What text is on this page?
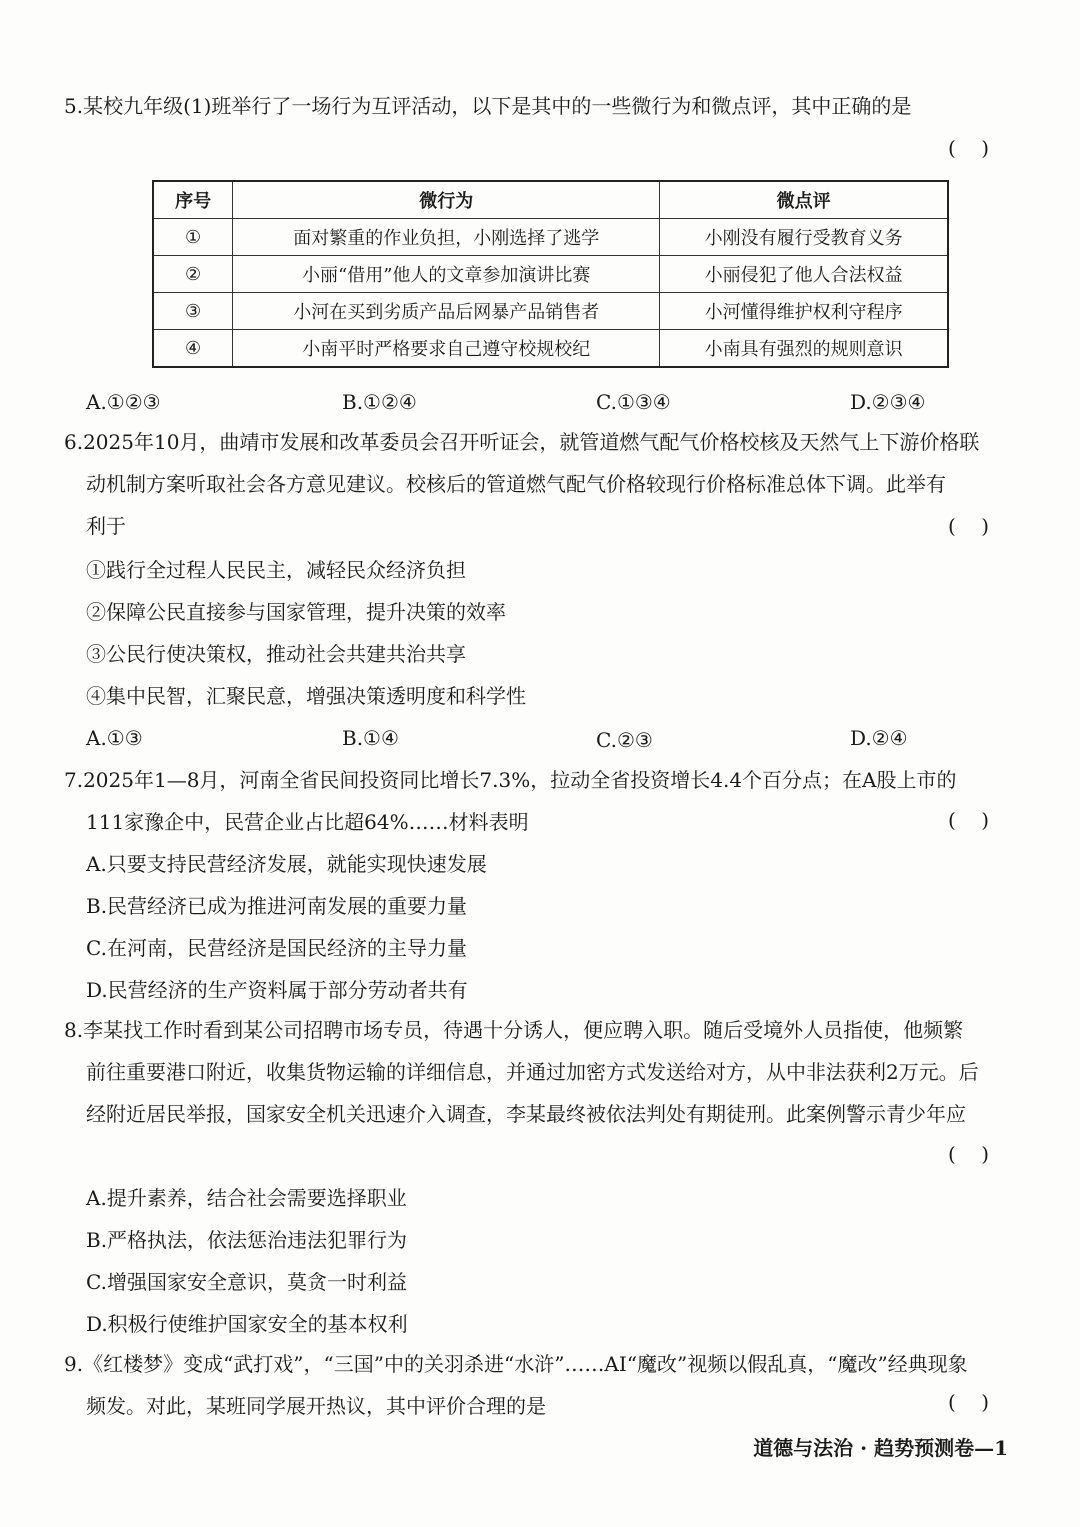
5.某校九年级(1)班举行了一场行为互评活动，以下是其中的一些微行为和微点评，其中正确的是
(    )
序号	微行为	微点评
①	面对繁重的作业负担，小刚选择了逃学	小刚没有履行受教育义务
②	小丽“借用”他人的文章参加演讲比赛	小丽侵犯了他人合法权益
③	小河在买到劣质产品后网暴产品销售者	小河懂得维护权利守程序
④	小南平时严格要求自己遵守校规校纪	小南具有强烈的规则意识
A.①②③	B.①②④	C.①③④	D.②③④
6.2025年10月，曲靖市发展和改革委员会召开听证会，就管道燃气配气价格校核及天然气上下游价格联
动机制方案听取社会各方意见建议。校核后的管道燃气配气价格较现行价格标准总体下调。此举有
利于	(    )
①践行全过程人民民主，减轻民众经济负担
②保障公民直接参与国家管理，提升决策的效率
③公民行使决策权，推动社会共建共治共享
④集中民智，汇聚民意，增强决策透明度和科学性
A.①③	B.①④	C.②③	D.②④
7.2025年1—8月，河南全省民间投资同比增长7.3%，拉动全省投资增长4.4个百分点；在A股上市的
111家豫企中，民营企业占比超64%……材料表明	(    )
A.只要支持民营经济发展，就能实现快速发展
B.民营经济已成为推进河南发展的重要力量
C.在河南，民营经济是国民经济的主导力量
D.民营经济的生产资料属于部分劳动者共有
8.李某找工作时看到某公司招聘市场专员，待遇十分诱人，便应聘入职。随后受境外人员指使，他频繁
前往重要港口附近，收集货物运输的详细信息，并通过加密方式发送给对方，从中非法获利2万元。后
经附近居民举报，国家安全机关迅速介入调查，李某最终被依法判处有期徒刑。此案例警示青少年应
(    )
A.提升素养，结合社会需要选择职业
B.严格执法，依法惩治违法犯罪行为
C.增强国家安全意识，莫贪一时利益
D.积极行使维护国家安全的基本权利
9.《红楼梦》变成“武打戏”，“三国”中的关羽杀进“水浒”……AI“魔改”视频以假乱真，“魔改”经典现象
频发。对此，某班同学展开热议，其中评价合理的是	(    )
道德与法治 · 趋势预测卷—1
